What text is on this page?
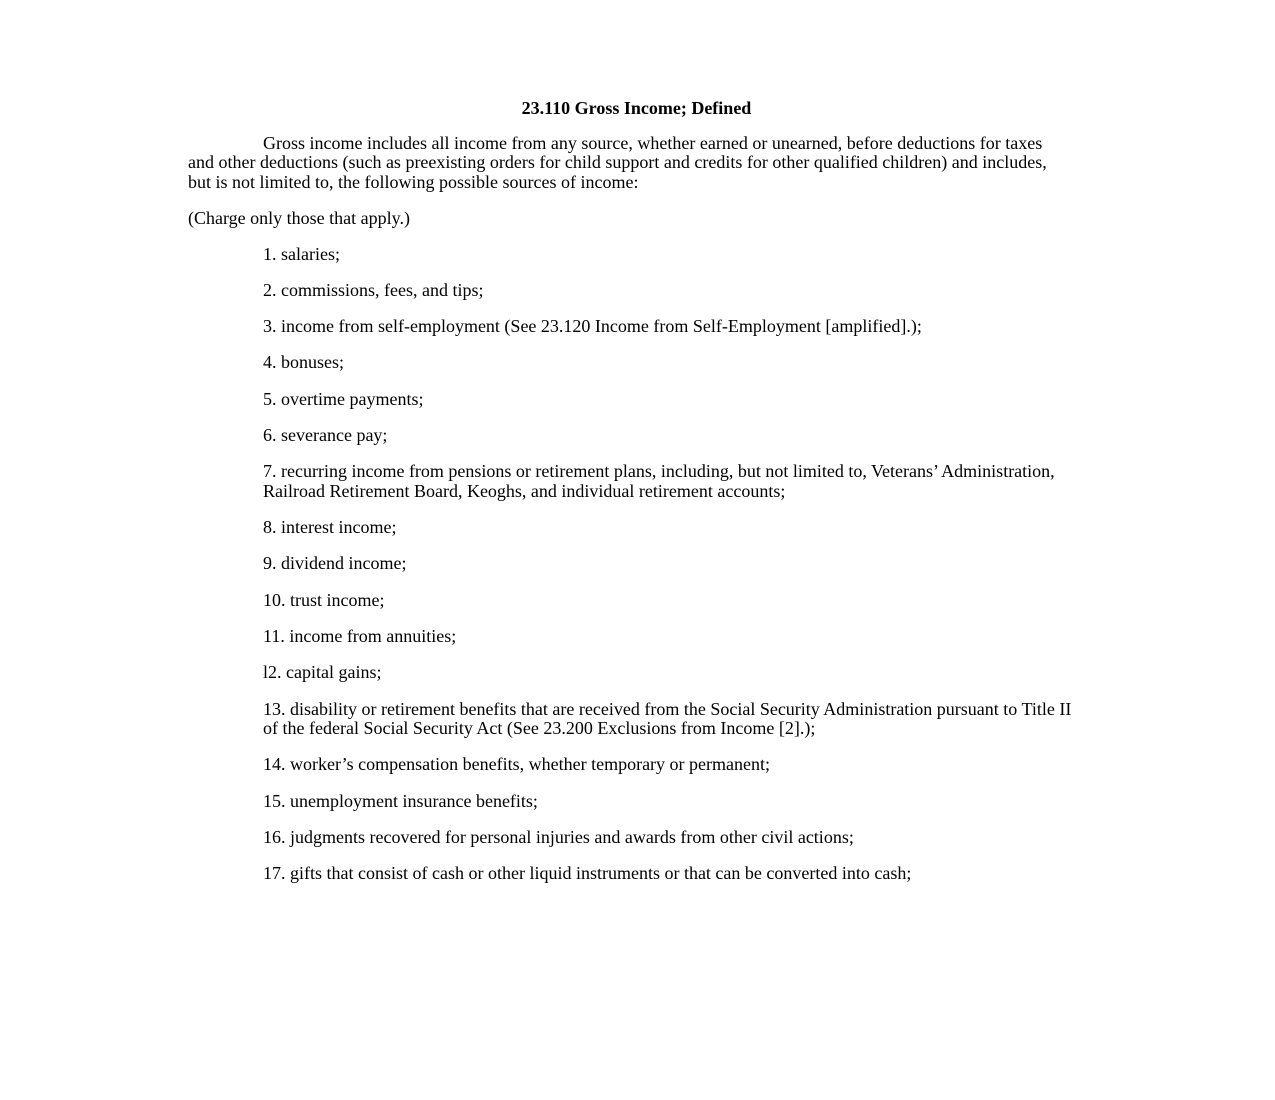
23.110 Gross Income; Defined

Gross income includes all income from any source, whether earned or unearned, before deductions for taxes and other deductions (such as preexisting orders for child support and credits for other qualified children) and includes, but is not limited to, the following possible sources of income:

(Charge only those that apply.)

1. salaries;
2. commissions, fees, and tips;
3. income from self-employment (See 23.120 Income from Self-Employment [amplified].);
4. bonuses;
5. overtime payments;
6. severance pay;
7. recurring income from pensions or retirement plans, including, but not limited to, Veterans’ Administration, Railroad Retirement Board, Keoghs, and individual retirement accounts;
8. interest income;
9. dividend income;
10. trust income;
11. income from annuities;
l2. capital gains;
13. disability or retirement benefits that are received from the Social Security Administration pursuant to Title II of the federal Social Security Act (See 23.200 Exclusions from Income [2].);
14. worker’s compensation benefits, whether temporary or permanent;
15. unemployment insurance benefits;
16. judgments recovered for personal injuries and awards from other civil actions;
17. gifts that consist of cash or other liquid instruments or that can be converted into cash;
